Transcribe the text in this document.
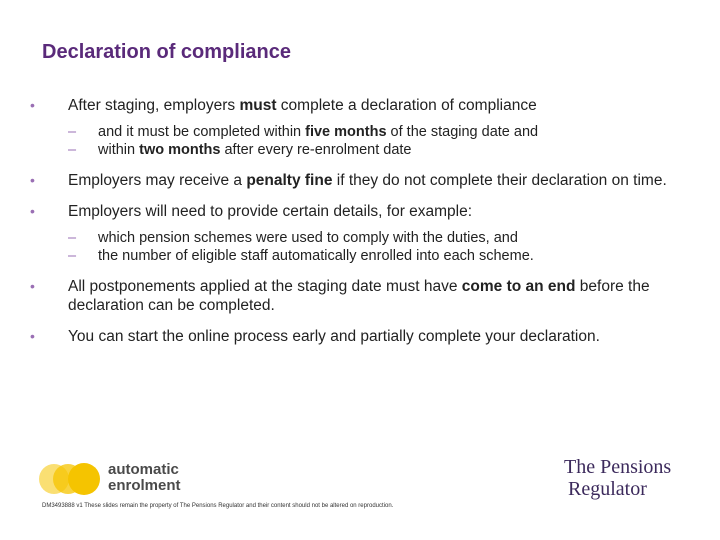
Declaration of compliance
• After staging, employers must complete a declaration of compliance
– and it must be completed within five months of the staging date and
– within two months after every re-enrolment date
• Employers may receive a penalty fine if they do not complete their declaration on time.
• Employers will need to provide certain details, for example:
– which pension schemes were used to comply with the duties, and
– the number of eligible staff automatically enrolled into each scheme.
• All postponements applied at the staging date must have come to an end before the declaration can be completed.
• You can start the online process early and partially complete your declaration.
automatic
enrolment
The Pensions
Regulator
DM3493888 v1 These slides remain the property of The Pensions Regulator and their content should not be altered on reproduction.
